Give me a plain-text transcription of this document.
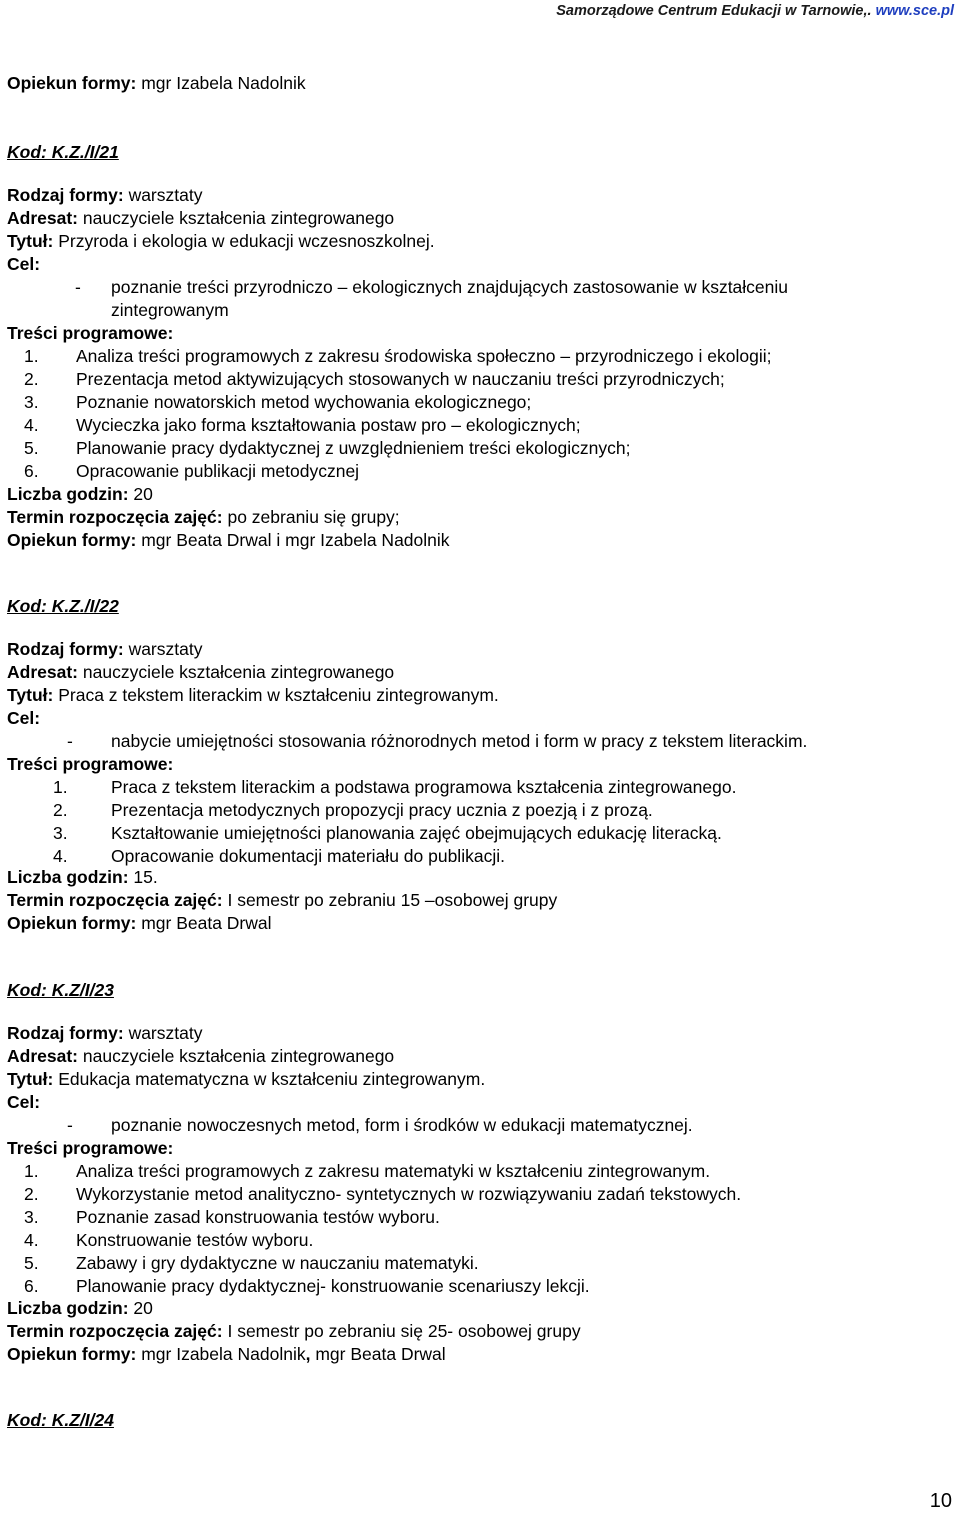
Samorządowe Centrum Edukacji w Tarnowie,. www.sce.pl
Opiekun formy: mgr Izabela Nadolnik
Kod: K.Z./I/21
Rodzaj formy: warsztaty
Adresat: nauczyciele kształcenia zintegrowanego
Tytuł: Przyroda i ekologia w edukacji wczesnoszkolnej.
Cel:
- poznanie treści przyrodniczo – ekologicznych znajdujących zastosowanie w kształceniu
zintegrowanym
Treści programowe:
1. Analiza treści programowych z zakresu środowiska społeczno – przyrodniczego i ekologii;
2. Prezentacja metod aktywizujących stosowanych w nauczaniu treści przyrodniczych;
3. Poznanie nowatorskich metod wychowania ekologicznego;
4. Wycieczka jako forma kształtowania postaw pro – ekologicznych;
5. Planowanie pracy dydaktycznej z uwzględnieniem treści ekologicznych;
6. Opracowanie publikacji metodycznej
Liczba godzin: 20
Termin rozpoczęcia zajęć: po zebraniu się grupy;
Opiekun formy: mgr Beata Drwal i mgr Izabela Nadolnik
Kod: K.Z./I/22
Rodzaj formy: warsztaty
Adresat: nauczyciele kształcenia zintegrowanego
Tytuł: Praca z tekstem literackim w kształceniu zintegrowanym.
Cel:
- nabycie umiejętności stosowania różnorodnych metod i form w pracy z tekstem literackim.
Treści programowe:
1. Praca z tekstem literackim a podstawa programowa kształcenia zintegrowanego.
2. Prezentacja metodycznych propozycji pracy ucznia z poezją i z prozą.
3. Kształtowanie umiejętności planowania zajęć obejmujących edukację literacką.
4. Opracowanie dokumentacji materiału do publikacji.
Liczba godzin: 15.
Termin rozpoczęcia zajęć: I semestr po zebraniu 15 –osobowej grupy
Opiekun formy: mgr Beata Drwal
Kod: K.Z/I/23
Rodzaj formy: warsztaty
Adresat: nauczyciele kształcenia zintegrowanego
Tytuł: Edukacja matematyczna w kształceniu zintegrowanym.
Cel:
- poznanie nowoczesnych metod, form i środków w edukacji matematycznej.
Treści programowe:
1. Analiza treści programowych z zakresu matematyki w kształceniu zintegrowanym.
2. Wykorzystanie metod analityczno- syntetycznych w rozwiązywaniu zadań tekstowych.
3. Poznanie zasad konstruowania testów wyboru.
4. Konstruowanie testów wyboru.
5. Zabawy i gry dydaktyczne w nauczaniu matematyki.
6. Planowanie pracy dydaktycznej- konstruowanie scenariuszy lekcji.
Liczba godzin: 20
Termin rozpoczęcia zajęć: I semestr po zebraniu się 25- osobowej grupy
Opiekun formy: mgr Izabela Nadolnik, mgr Beata Drwal
Kod: K.Z/I/24
10
